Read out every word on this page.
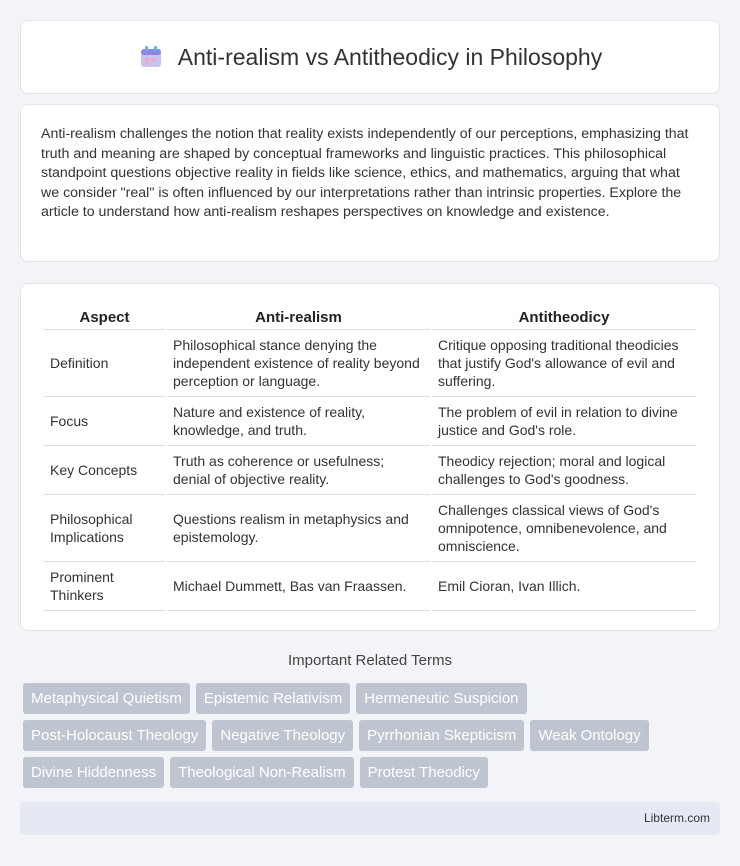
Anti-realism vs Antitheodicy in Philosophy

Anti-realism challenges the notion that reality exists independently of our perceptions, emphasizing that truth and meaning are shaped by conceptual frameworks and linguistic practices. This philosophical standpoint questions objective reality in fields like science, ethics, and mathematics, arguing that what we consider "real" is often influenced by our interpretations rather than intrinsic properties. Explore the article to understand how anti-realism reshapes perspectives on knowledge and existence.

Aspect	Anti-realism	Antitheodicy
Definition	Philosophical stance denying the independent existence of reality beyond perception or language.	Critique opposing traditional theodicies that justify God's allowance of evil and suffering.
Focus	Nature and existence of reality, knowledge, and truth.	The problem of evil in relation to divine justice and God's role.
Key Concepts	Truth as coherence or usefulness; denial of objective reality.	Theodicy rejection; moral and logical challenges to God's goodness.
Philosophical Implications	Questions realism in metaphysics and epistemology.	Challenges classical views of God's omnipotence, omnibenevolence, and omniscience.
Prominent Thinkers	Michael Dummett, Bas van Fraassen.	Emil Cioran, Ivan Illich.
Important Related Terms
Metaphysical Quietism	Epistemic Relativism	Hermeneutic Suspicion
Post-Holocaust Theology	Negative Theology	Pyrrhonian Skepticism	Weak Ontology
Divine Hiddenness	Theological Non-Realism	Protest Theodicy
Libterm.com
